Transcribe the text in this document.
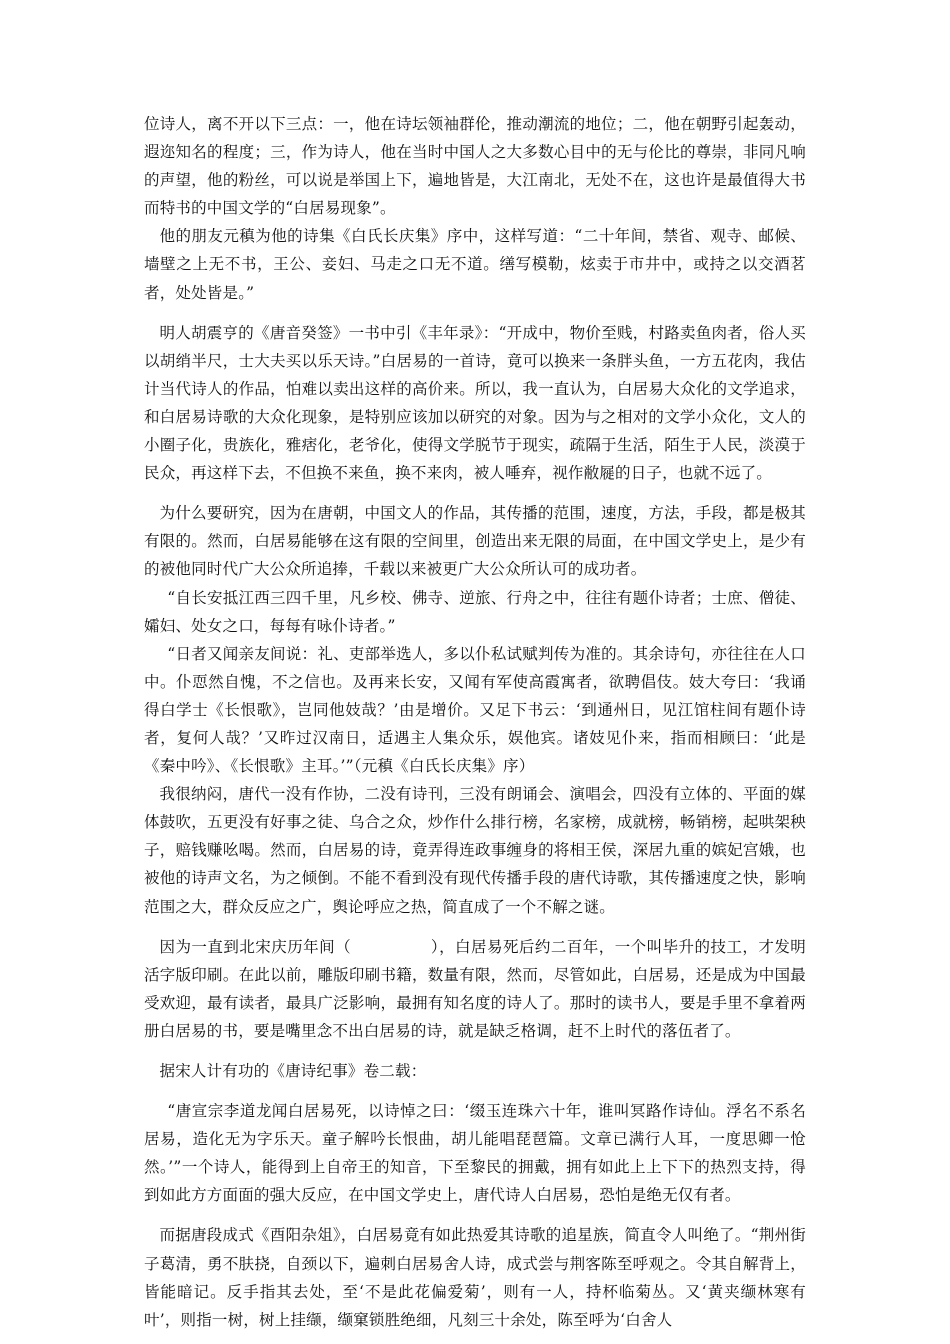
位诗人，离不开以下三点：一，他在诗坛领袖群伦，推动潮流的地位；二，他在朝野引起轰动，遐迩知名的程度；三，作为诗人，他在当时中国人之大多数心目中的无与伦比的尊崇，非同凡响的声望，他的粉丝，可以说是举国上下，遍地皆是，大江南北，无处不在，这也许是最值得大书而特书的中国文学的“白居易现象”。

他的朋友元稹为他的诗集《白氏长庆集》序中，这样写道：“二十年间，禁省、观寺、邮候、墙壁之上无不书，王公、妾妇、马走之口无不道。缮写模勒，炫卖于市井中，或持之以交酒茗者，处处皆是。”

明人胡震亨的《唐音癸签》一书中引《丰年录》：“开成中，物价至贱，村路卖鱼肉者，俗人买以胡绡半尺，士大夫买以乐天诗。”白居易的一首诗，竟可以换来一条胖头鱼，一方五花肉，我估计当代诗人的作品，怕难以卖出这样的高价来。所以，我一直认为，白居易大众化的文学追求，和白居易诗歌的大众化现象，是特别应该加以研究的对象。因为与之相对的文学小众化，文人的小圈子化，贵族化，雅痞化，老爷化，使得文学脱节于现实，疏隔于生活，陌生于人民，淡漠于民众，再这样下去，不但换不来鱼，换不来肉，被人唾弃，视作敝屣的日子，也就不远了。

为什么要研究，因为在唐朝，中国文人的作品，其传播的范围，速度，方法，手段，都是极其有限的。然而，白居易能够在这有限的空间里，创造出来无限的局面，在中国文学史上，是少有的被他同时代广大公众所追捧，千载以来被更广大公众所认可的成功者。

“自长安抵江西三四千里，凡乡校、佛寺、逆旅、行舟之中，往往有题仆诗者；士庶、僧徒、孀妇、处女之口，每每有咏仆诗者。”

“日者又闻亲友间说：礼、吏部举选人，多以仆私试赋判传为准的。其余诗句，亦往往在人口中。仆恧然自愧，不之信也。及再来长安，又闻有军使高霞寓者，欲聘倡伎。妓大夸曰：‘我诵得白学士《长恨歌》，岂同他妓哉？’由是增价。又足下书云：‘到通州日，见江馆柱间有题仆诗者，复何人哉？’又昨过汉南日，适遇主人集众乐，娱他宾。诸妓见仆来，指而相顾曰：‘此是《秦中吟》、《长恨歌》主耳。’”（元稹《白氏长庆集》序）

我很纳闷，唐代一没有作协，二没有诗刊，三没有朗诵会、演唱会，四没有立体的、平面的媒体鼓吹，五更没有好事之徒、乌合之众，炒作什么排行榜，名家榜，成就榜，畅销榜，起哄架秧子，赔钱赚吆喝。然而，白居易的诗，竟弄得连政事缠身的将相王侯，深居九重的嫔妃宫娥，也被他的诗声文名，为之倾倒。不能不看到没有现代传播手段的唐代诗歌，其传播速度之快，影响范围之大，群众反应之广，舆论呼应之热，简直成了一个不解之谜。

因为一直到北宋庆历年间（　　　　　），白居易死后约二百年，一个叫毕升的技工，才发明活字版印刷。在此以前，雕版印刷书籍，数量有限，然而，尽管如此，白居易，还是成为中国最受欢迎，最有读者，最具广泛影响，最拥有知名度的诗人了。那时的读书人，要是手里不拿着两册白居易的书，要是嘴里念不出白居易的诗，就是缺乏格调，赶不上时代的落伍者了。

据宋人计有功的《唐诗纪事》卷二载：

“唐宣宗李道龙闻白居易死，以诗悼之曰：‘缀玉连珠六十年，谁叫冥路作诗仙。浮名不系名居易，造化无为字乐天。童子解吟长恨曲，胡儿能唱琵琶篇。文章已满行人耳，一度思卿一怆然。’”一个诗人，能得到上自帝王的知音，下至黎民的拥戴，拥有如此上上下下的热烈支持，得到如此方方面面的强大反应，在中国文学史上，唐代诗人白居易，恐怕是绝无仅有者。

而据唐段成式《酉阳杂俎》，白居易竟有如此热爱其诗歌的追星族，简直令人叫绝了。“荆州街子葛清，勇不肤挠，自颈以下，遍刺白居易舍人诗，成式尝与荆客陈至呼观之。令其自解背上，皆能暗记。反手指其去处，至‘不是此花偏爱菊’，则有一人，持杯临菊丛。又‘黄夹缬林寒有叶’，则指一树，树上挂缬，缬窠锁胜绝细，凡刻三十余处，陈至呼为‘白舍人
